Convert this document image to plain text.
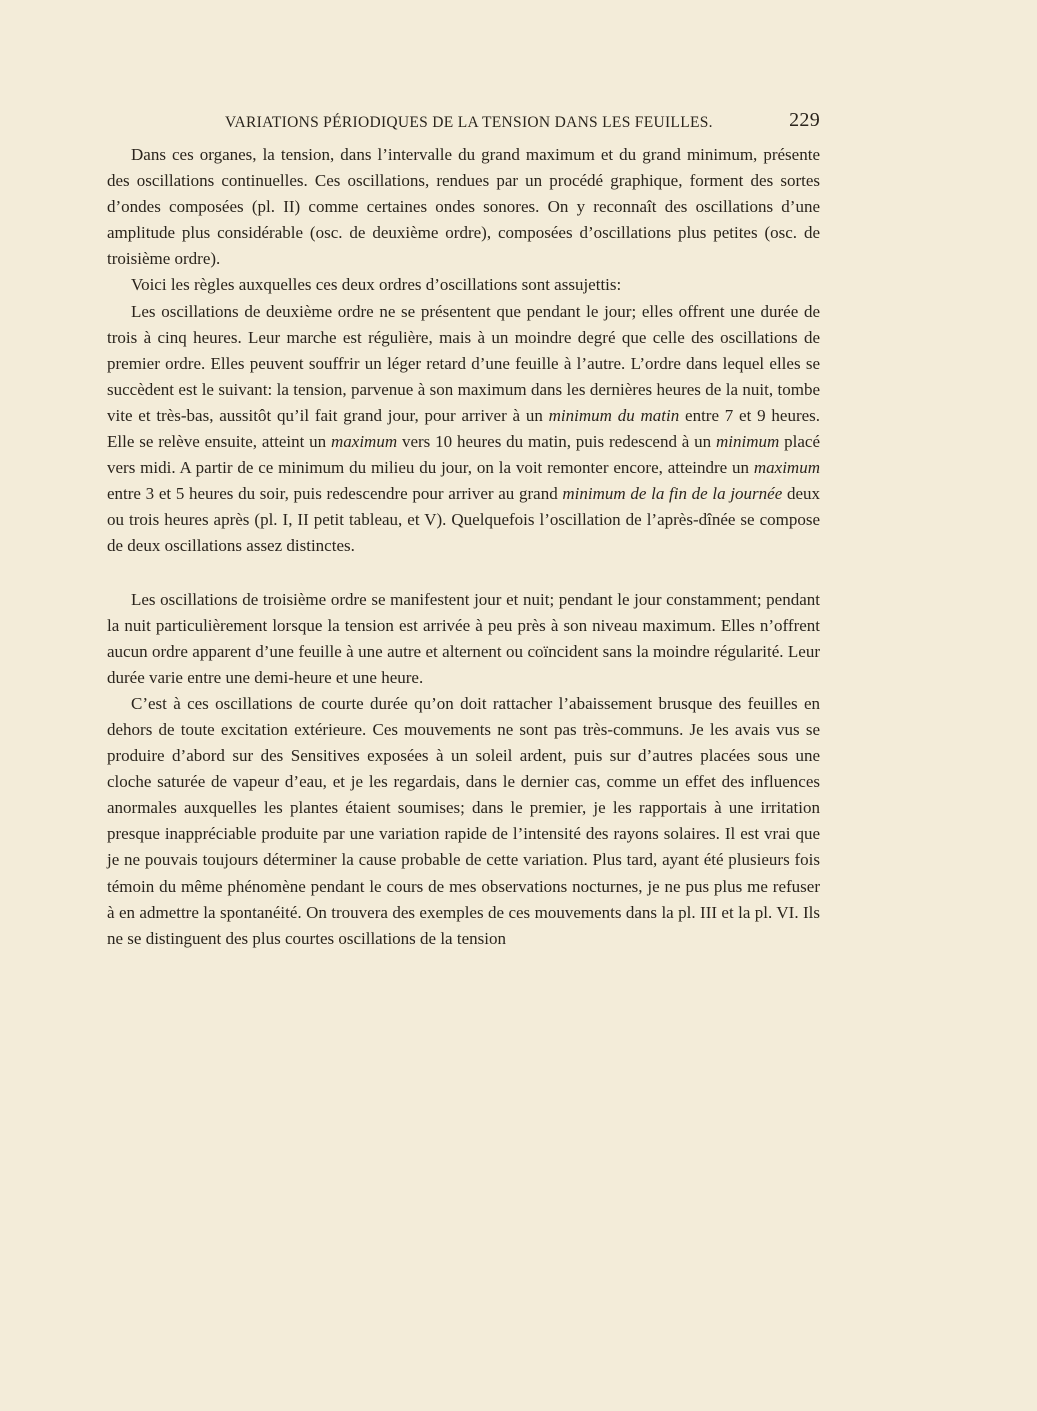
VARIATIONS PÉRIODIQUES DE LA TENSION DANS LES FEUILLES.	229

Dans ces organes, la tension, dans l’intervalle du grand maximum et du grand minimum, présente des oscillations continuelles. Ces oscillations, rendues par un procédé graphique, forment des sortes d’ondes composées (pl. II) comme certaines ondes sonores. On y reconnaît des oscillations d’une amplitude plus considérable (osc. de deuxième ordre), composées d’oscillations plus petites (osc. de troisième ordre).

Voici les règles auxquelles ces deux ordres d’oscillations sont assujettis:

Les oscillations de deuxième ordre ne se présentent que pendant le jour; elles offrent une durée de trois à cinq heures. Leur marche est régulière, mais à un moindre degré que celle des oscillations de premier ordre. Elles peuvent souffrir un léger retard d’une feuille à l’autre. L’ordre dans lequel elles se succèdent est le suivant: la tension, parvenue à son maximum dans les dernières heures de la nuit, tombe vite et très-bas, aussitôt qu’il fait grand jour, pour arriver à un minimum du matin entre 7 et 9 heures. Elle se relève ensuite, atteint un maximum vers 10 heures du matin, puis redescend à un minimum placé vers midi. A partir de ce minimum du milieu du jour, on la voit remonter encore, atteindre un maximum entre 3 et 5 heures du soir, puis redescendre pour arriver au grand minimum de la fin de la journée deux ou trois heures après (pl. I, II petit tableau, et V). Quelquefois l’oscillation de l’après-dînée se compose de deux oscillations assez distinctes.

Les oscillations de troisième ordre se manifestent jour et nuit; pendant le jour constamment; pendant la nuit particulièrement lorsque la tension est arrivée à peu près à son niveau maximum. Elles n’offrent aucun ordre apparent d’une feuille à une autre et alternent ou coïncident sans la moindre régularité. Leur durée varie entre une demi-heure et une heure.

C’est à ces oscillations de courte durée qu’on doit rattacher l’abaissement brusque des feuilles en dehors de toute excitation extérieure. Ces mouvements ne sont pas très-communs. Je les avais vus se produire d’abord sur des Sensitives exposées à un soleil ardent, puis sur d’autres placées sous une cloche saturée de vapeur d’eau, et je les regardais, dans le dernier cas, comme un effet des influences anormales auxquelles les plantes étaient soumises; dans le premier, je les rapportais à une irritation presque inappréciable produite par une variation rapide de l’intensité des rayons solaires. Il est vrai que je ne pouvais toujours déterminer la cause probable de cette variation. Plus tard, ayant été plusieurs fois témoin du même phénomène pendant le cours de mes observations nocturnes, je ne pus plus me refuser à en admettre la spontanéité. On trouvera des exemples de ces mouvements dans la pl. III et la pl. VI. Ils ne se distinguent des plus courtes oscillations de la tension
